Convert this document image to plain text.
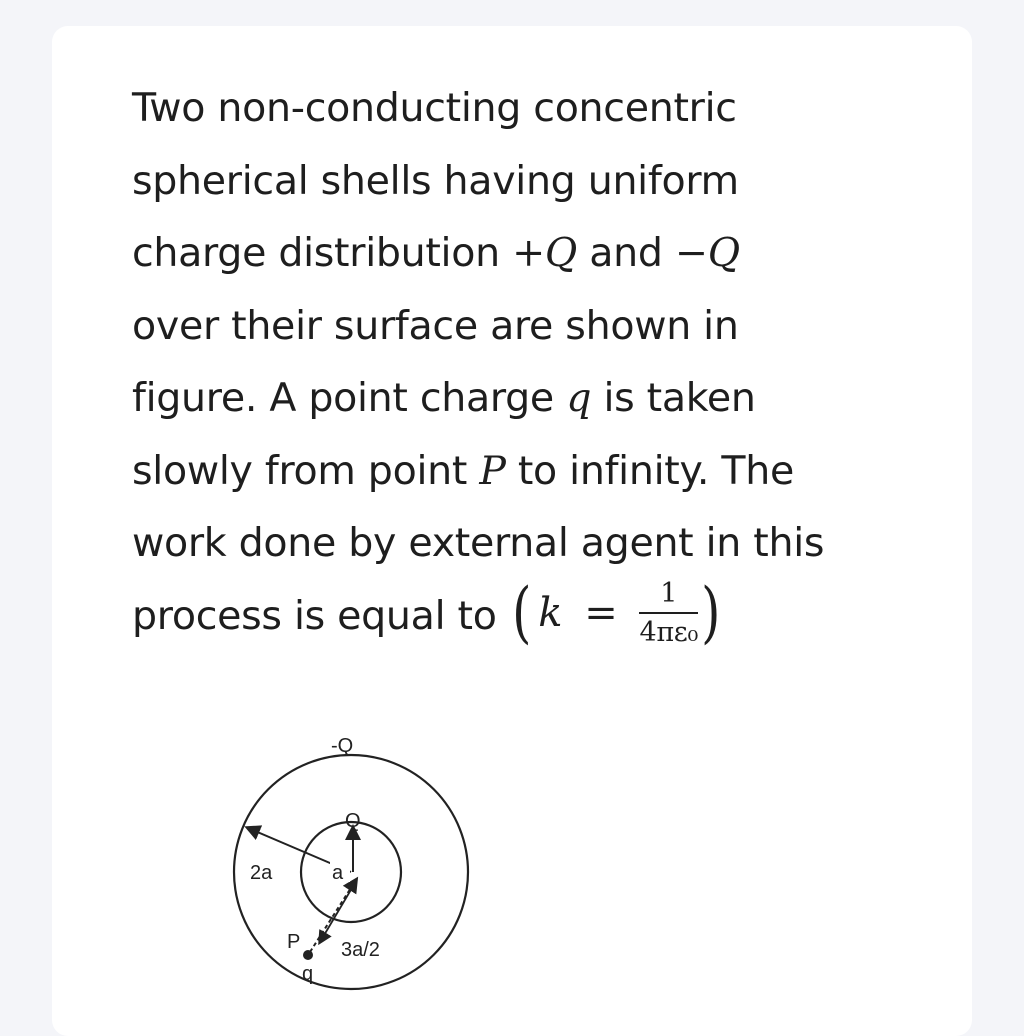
Two non-conducting concentric
spherical shells having uniform
charge distribution +Q and −Q
over their surface are shown in
figure. A point charge q is taken
slowly from point P to infinity. The
work done by external agent in this
process is equal to ( $k = \frac{1}{\text{4πε₀}}$ )
-Q
Q
2a	a
P
q
3a/2
